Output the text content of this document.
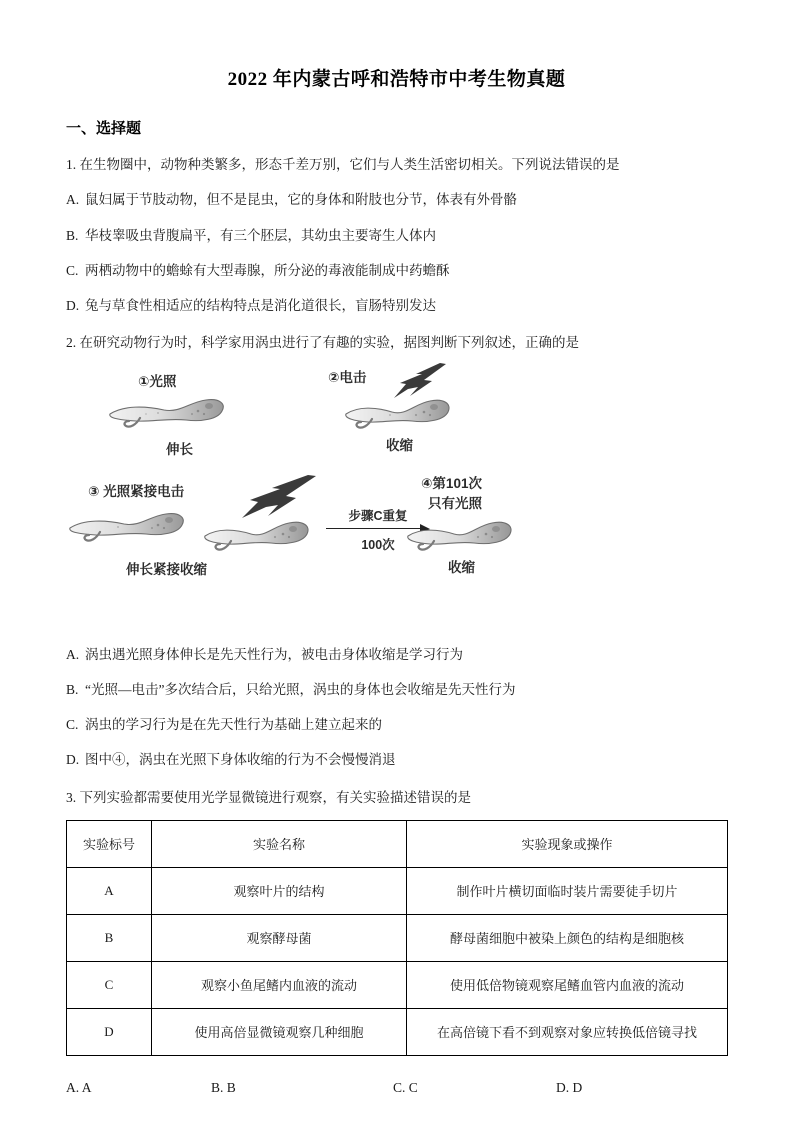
2022 年内蒙古呼和浩特市中考生物真题
一、选择题
1. 在生物圈中，动物种类繁多，形态千差万别，它们与人类生活密切相关。下列说法错误的是
A. 鼠妇属于节肢动物，但不是昆虫，它的身体和附肢也分节，体表有外骨骼
B. 华枝睾吸虫背腹扁平，有三个胚层，其幼虫主要寄生人体内
C. 两栖动物中的蟾蜍有大型毒腺，所分泌的毒液能制成中药蟾酥
D. 兔与草食性相适应的结构特点是消化道很长，盲肠特别发达
2. 在研究动物行为时，科学家用涡虫进行了有趣的实验，据图判断下列叙述，正确的是
①光照
伸长
②电击
收缩
③ 光照紧接电击
伸长紧接收缩
步骤C重复
100次
④第101次
只有光照
收缩
A. 涡虫遇光照身体伸长是先天性行为，被电击身体收缩是学习行为
B. “光照—电击”多次结合后，只给光照，涡虫的身体也会收缩是先天性行为
C. 涡虫的学习行为是在先天性行为基础上建立起来的
D. 图中④，涡虫在光照下身体收缩的行为不会慢慢消退
3. 下列实验都需要使用光学显微镜进行观察，有关实验描述错误的是
实验标号	实验名称	实验现象或操作
A	观察叶片的结构	制作叶片横切面临时装片需要徒手切片
B	观察酵母菌	酵母菌细胞中被染上颜色的结构是细胞核
C	观察小鱼尾鳍内血液的流动	使用低倍物镜观察尾鳍血管内血液的流动
D	使用高倍显微镜观察几种细胞	在高倍镜下看不到观察对象应转换低倍镜寻找
A. A	B. B	C. C	D. D
